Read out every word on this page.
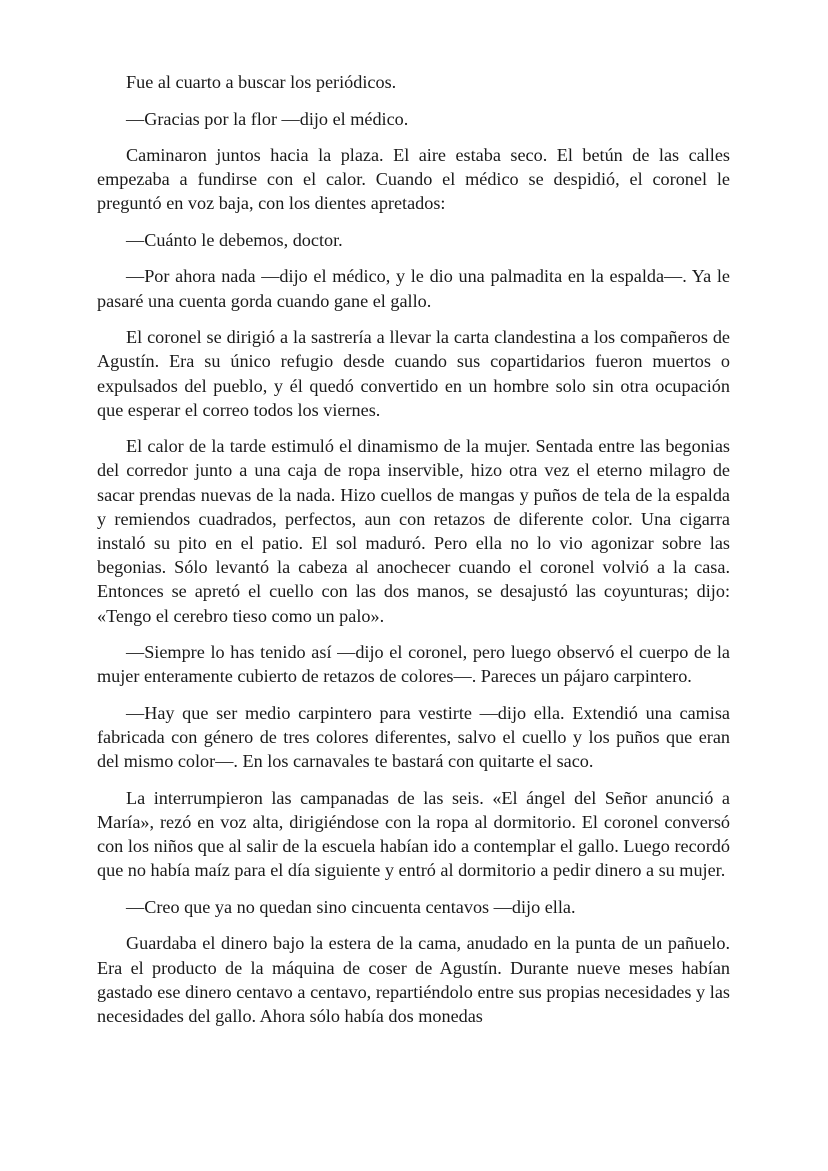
Fue al cuarto a buscar los periódicos.

—Gracias por la flor —dijo el médico.

Caminaron juntos hacia la plaza. El aire estaba seco. El betún de las calles empezaba a fundirse con el calor. Cuando el médico se despidió, el coronel le preguntó en voz baja, con los dientes apretados:

—Cuánto le debemos, doctor.

—Por ahora nada —dijo el médico, y le dio una palmadita en la espalda—. Ya le pasaré una cuenta gorda cuando gane el gallo.

El coronel se dirigió a la sastrería a llevar la carta clandestina a los compañeros de Agustín. Era su único refugio desde cuando sus copartidarios fueron muertos o expulsados del pueblo, y él quedó convertido en un hombre solo sin otra ocupación que esperar el correo todos los viernes.

El calor de la tarde estimuló el dinamismo de la mujer. Sentada entre las begonias del corredor junto a una caja de ropa inservible, hizo otra vez el eterno milagro de sacar prendas nuevas de la nada. Hizo cuellos de mangas y puños de tela de la espalda y remiendos cuadrados, perfectos, aun con retazos de diferente color. Una cigarra instaló su pito en el patio. El sol maduró. Pero ella no lo vio agonizar sobre las begonias. Sólo levantó la cabeza al anochecer cuando el coronel volvió a la casa. Entonces se apretó el cuello con las dos manos, se desajustó las coyunturas; dijo: «Tengo el cerebro tieso como un palo».

—Siempre lo has tenido así —dijo el coronel, pero luego observó el cuerpo de la mujer enteramente cubierto de retazos de colores—. Pareces un pájaro carpintero.

—Hay que ser medio carpintero para vestirte —dijo ella. Extendió una camisa fabricada con género de tres colores diferentes, salvo el cuello y los puños que eran del mismo color—. En los carnavales te bastará con quitarte el saco.

La interrumpieron las campanadas de las seis. «El ángel del Señor anunció a María», rezó en voz alta, dirigiéndose con la ropa al dormitorio. El coronel conversó con los niños que al salir de la escuela habían ido a contemplar el gallo. Luego recordó que no había maíz para el día siguiente y entró al dormitorio a pedir dinero a su mujer.

—Creo que ya no quedan sino cincuenta centavos —dijo ella.

Guardaba el dinero bajo la estera de la cama, anudado en la punta de un pañuelo. Era el producto de la máquina de coser de Agustín. Durante nueve meses habían gastado ese dinero centavo a centavo, repartiéndolo entre sus propias necesidades y las necesidades del gallo. Ahora sólo había dos monedas
